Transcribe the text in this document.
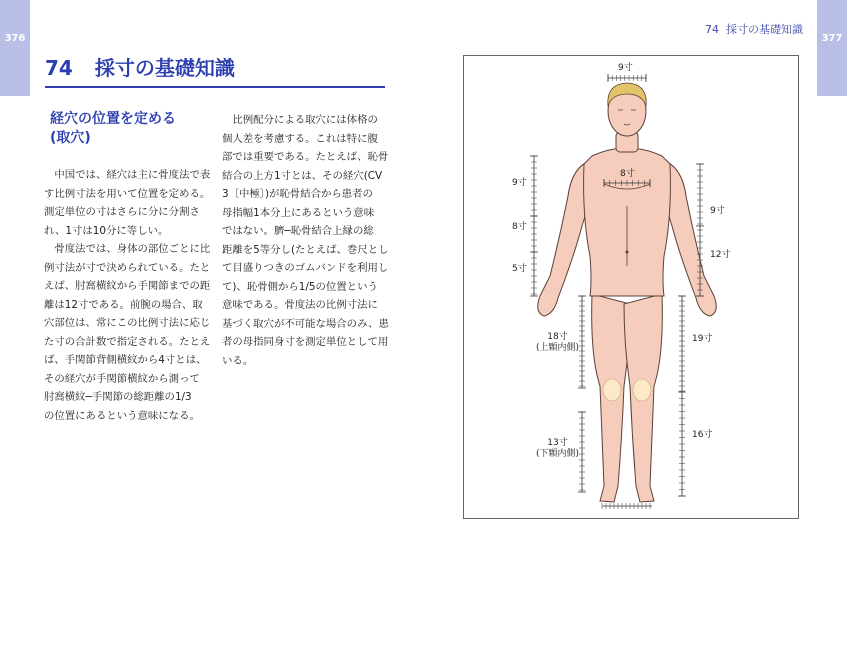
376	377
74 採寸の基礎知識
74 採寸の基礎知識
経穴の位置を定める
(取穴)

　中国では、経穴は主に骨度法で表

す比例寸法を用いて位置を定める。

測定単位の寸はさらに分に分割さ

れ、1寸は10分に等しい。

　骨度法では、身体の部位ごとに比

例寸法が寸で決められている。たと

えば、肘窩横紋から手関節までの距

離は12寸である。前腕の場合、取

穴部位は、常にこの比例寸法に応じ

た寸の合計数で指定される。たとえ

ば、手関節背側横紋から4寸とは、

その経穴が手関節横紋から測って

肘窩横紋─手関節の総距離の1/3

の位置にあるという意味になる。

　比例配分による取穴には体格の

個人差を考慮する。これは特に腹

部では重要である。たとえば、恥骨

結合の上方1寸とは、その経穴(CV

3〔中極〕)が恥骨結合から患者の

母指幅1本分上にあるという意味

ではない。臍─恥骨結合上縁の総

距離を5等分し(たとえば、巻尺とし

て目盛りつきのゴムバンドを利用し

て)、恥骨側から1/5の位置という

意味である。骨度法の比例寸法に

基づく取穴が不可能な場合のみ、患

者の母指同身寸を測定単位として用

いる。

9寸
8寸
9寸
8寸
5寸
9寸
12寸
18寸
(上顆内側)
19寸
13寸
(下顆内側)
16寸
